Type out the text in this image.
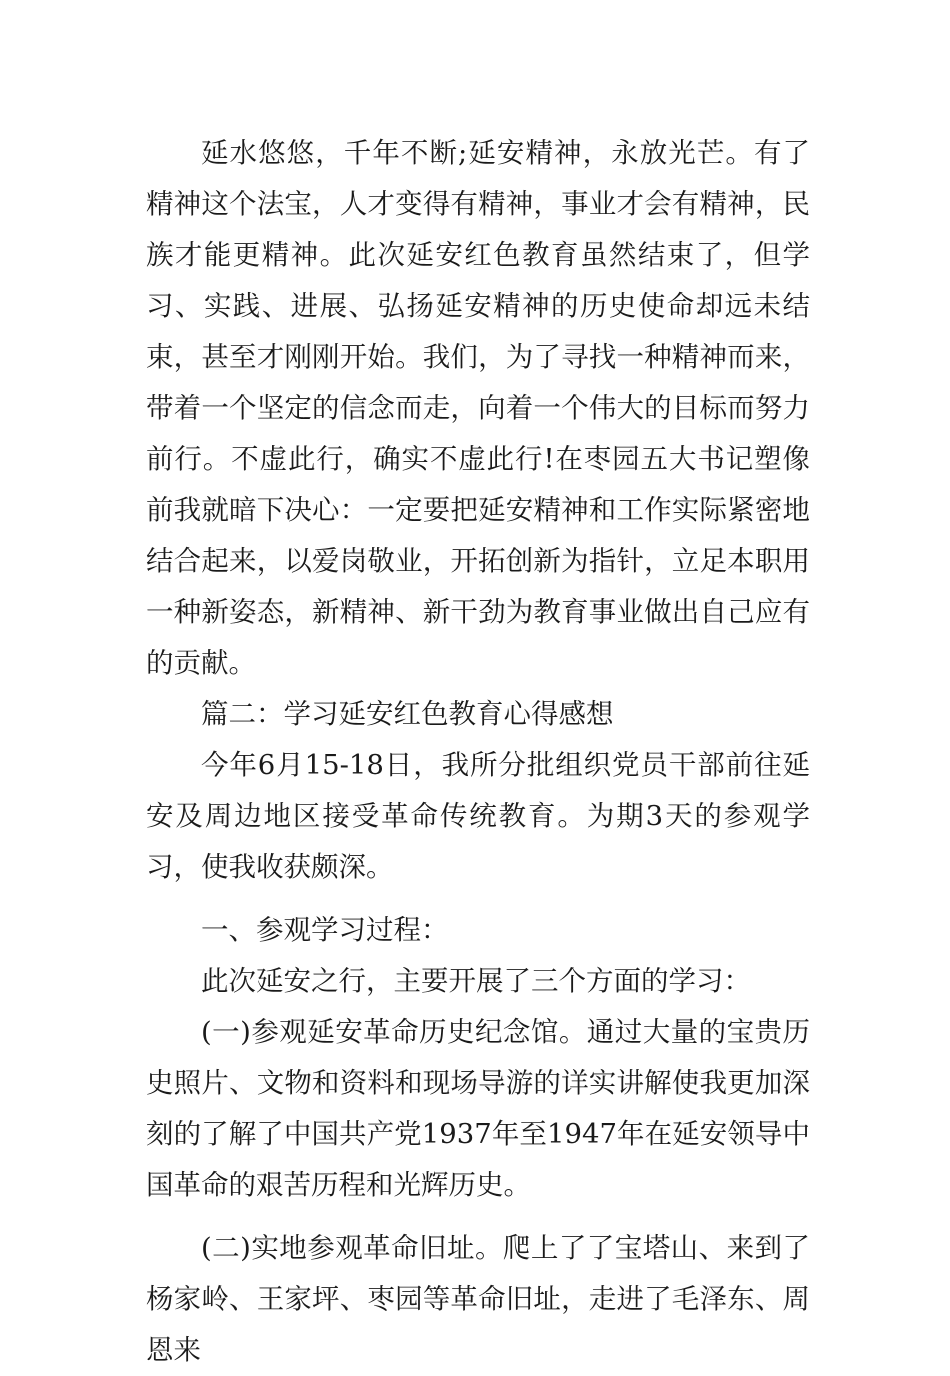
延水悠悠，千年不断;延安精神，永放光芒。有了精神这个法宝，人才变得有精神，事业才会有精神，民族才能更精神。此次延安红色教育虽然结束了，但学习、实践、进展、弘扬延安精神的历史使命却远未结束，甚至才刚刚开始。我们，为了寻找一种精神而来，带着一个坚定的信念而走，向着一个伟大的目标而努力前行。不虚此行，确实不虚此行!在枣园五大书记塑像前我就暗下决心：一定要把延安精神和工作实际紧密地结合起来，以爱岗敬业，开拓创新为指针，立足本职用一种新姿态，新精神、新干劲为教育事业做出自己应有的贡献。

篇二：学习延安红色教育心得感想

今年6月15-18日，我所分批组织党员干部前往延安及周边地区接受革命传统教育。为期3天的参观学习，使我收获颇深。

一、参观学习过程：

此次延安之行，主要开展了三个方面的学习：

(一)参观延安革命历史纪念馆。通过大量的宝贵历史照片、文物和资料和现场导游的详实讲解使我更加深刻的了解了中国共产党1937年至1947年在延安领导中国革命的艰苦历程和光辉历史。

(二)实地参观革命旧址。爬上了了宝塔山、来到了杨家岭、王家坪、枣园等革命旧址，走进了毛泽东、周恩来
